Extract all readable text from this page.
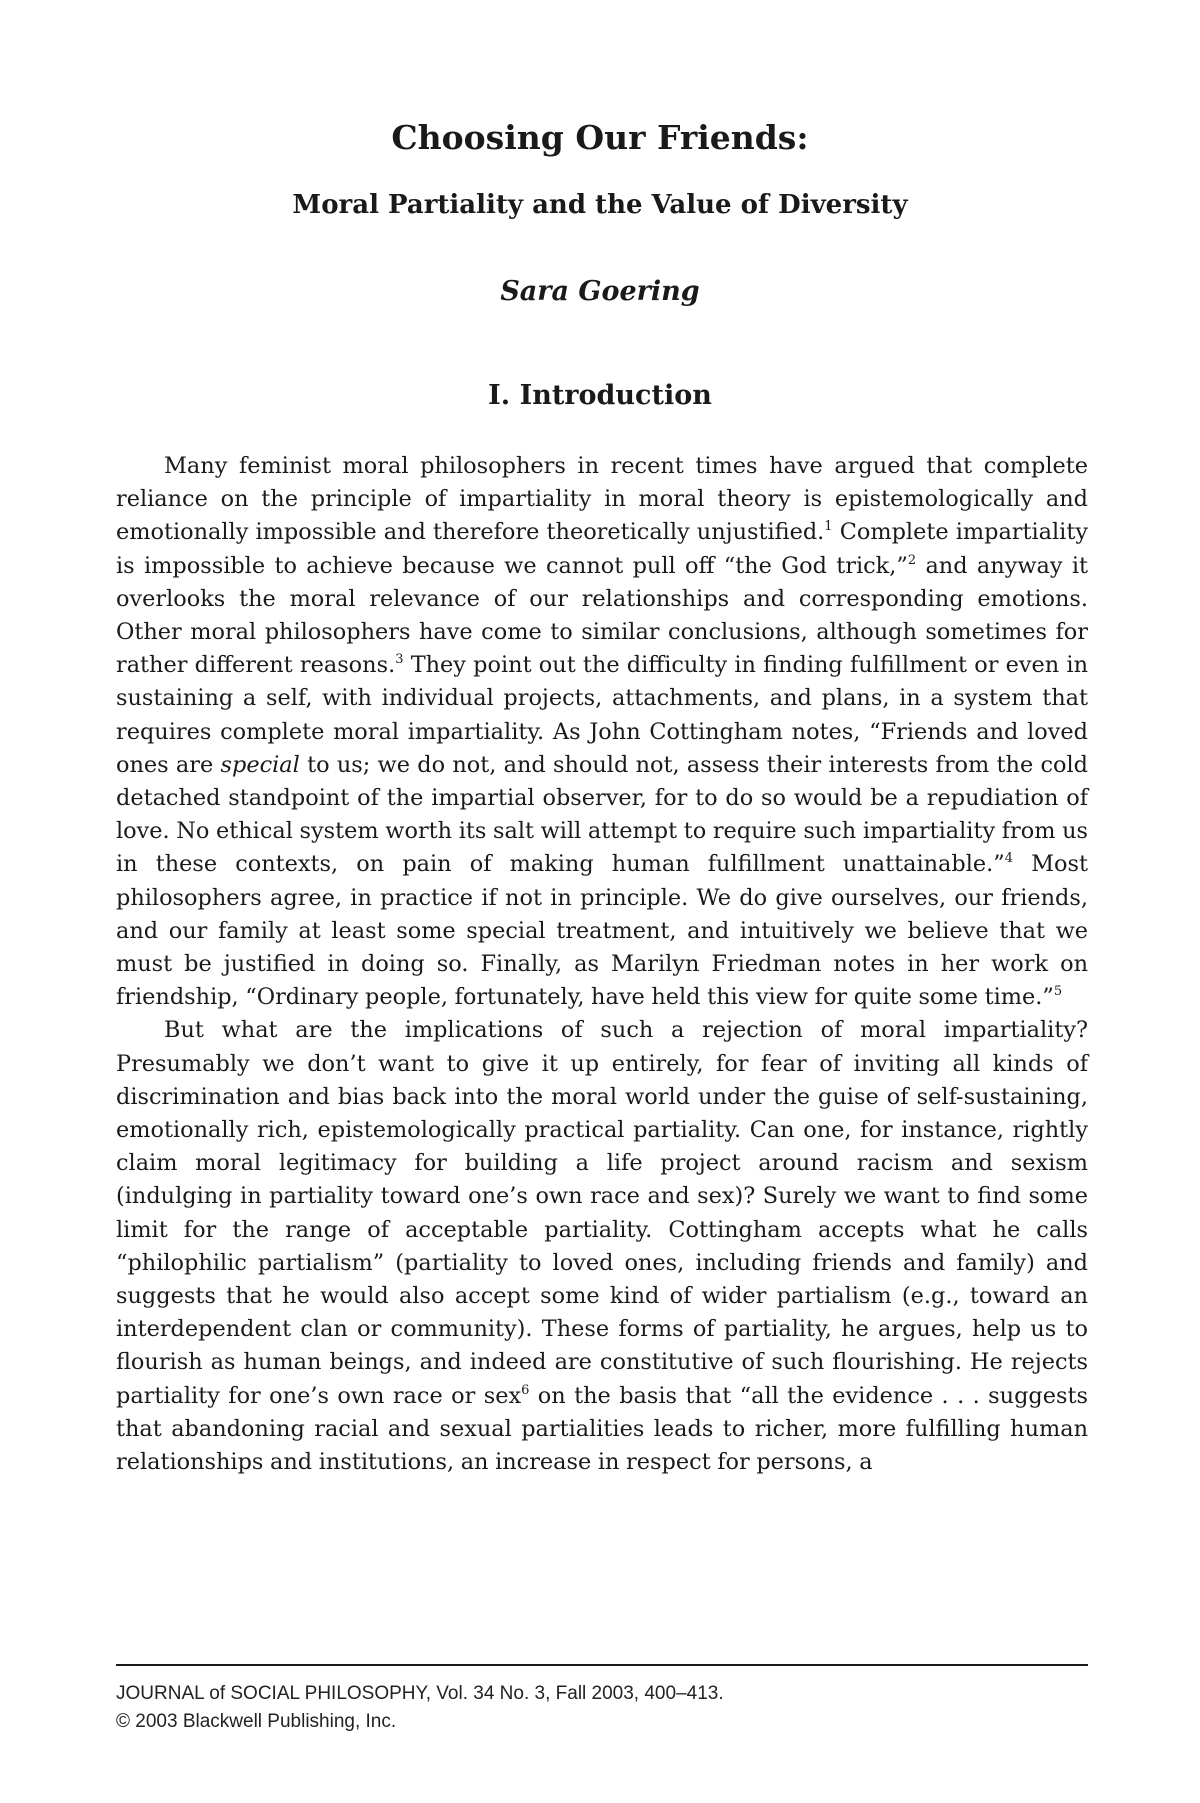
Choosing Our Friends:
Moral Partiality and the Value of Diversity
Sara Goering
I. Introduction

Many feminist moral philosophers in recent times have argued that complete reliance on the principle of impartiality in moral theory is epistemologically and emotionally impossible and therefore theoretically unjustified.$^1$ Complete impartiality is impossible to achieve because we cannot pull off “the God trick,”$^2$ and anyway it overlooks the moral relevance of our relationships and corresponding emotions. Other moral philosophers have come to similar conclusions, although sometimes for rather different reasons.$^3$ They point out the difficulty in finding fulfillment or even in sustaining a self, with individual projects, attachments, and plans, in a system that requires complete moral impartiality. As John Cottingham notes, “Friends and loved ones are special to us; we do not, and should not, assess their interests from the cold detached standpoint of the impartial observer, for to do so would be a repudiation of love. No ethical system worth its salt will attempt to require such impartiality from us in these contexts, on pain of making human fulfillment unattainable.”$^4$ Most philosophers agree, in practice if not in principle. We do give ourselves, our friends, and our family at least some special treatment, and intuitively we believe that we must be justified in doing so. Finally, as Marilyn Friedman notes in her work on friendship, “Ordinary people, fortunately, have held this view for quite some time.”$^5$

But what are the implications of such a rejection of moral impartiality? Presumably we don’t want to give it up entirely, for fear of inviting all kinds of discrimination and bias back into the moral world under the guise of self-sustaining, emotionally rich, epistemologically practical partiality. Can one, for instance, rightly claim moral legitimacy for building a life project around racism and sexism (indulging in partiality toward one’s own race and sex)? Surely we want to find some limit for the range of acceptable partiality. Cottingham accepts what he calls “philophilic partialism” (partiality to loved ones, including friends and family) and suggests that he would also accept some kind of wider partialism (e.g., toward an interdependent clan or community). These forms of partiality, he argues, help us to flourish as human beings, and indeed are constitutive of such flourishing. He rejects partiality for one’s own race or sex$^6$ on the basis that “all the evidence . . . suggests that abandoning racial and sexual partialities leads to richer, more fulfilling human relationships and institutions, an increase in respect for persons, a

JOURNAL of SOCIAL PHILOSOPHY, Vol. 34 No. 3, Fall 2003, 400–413.
© 2003 Blackwell Publishing, Inc.
